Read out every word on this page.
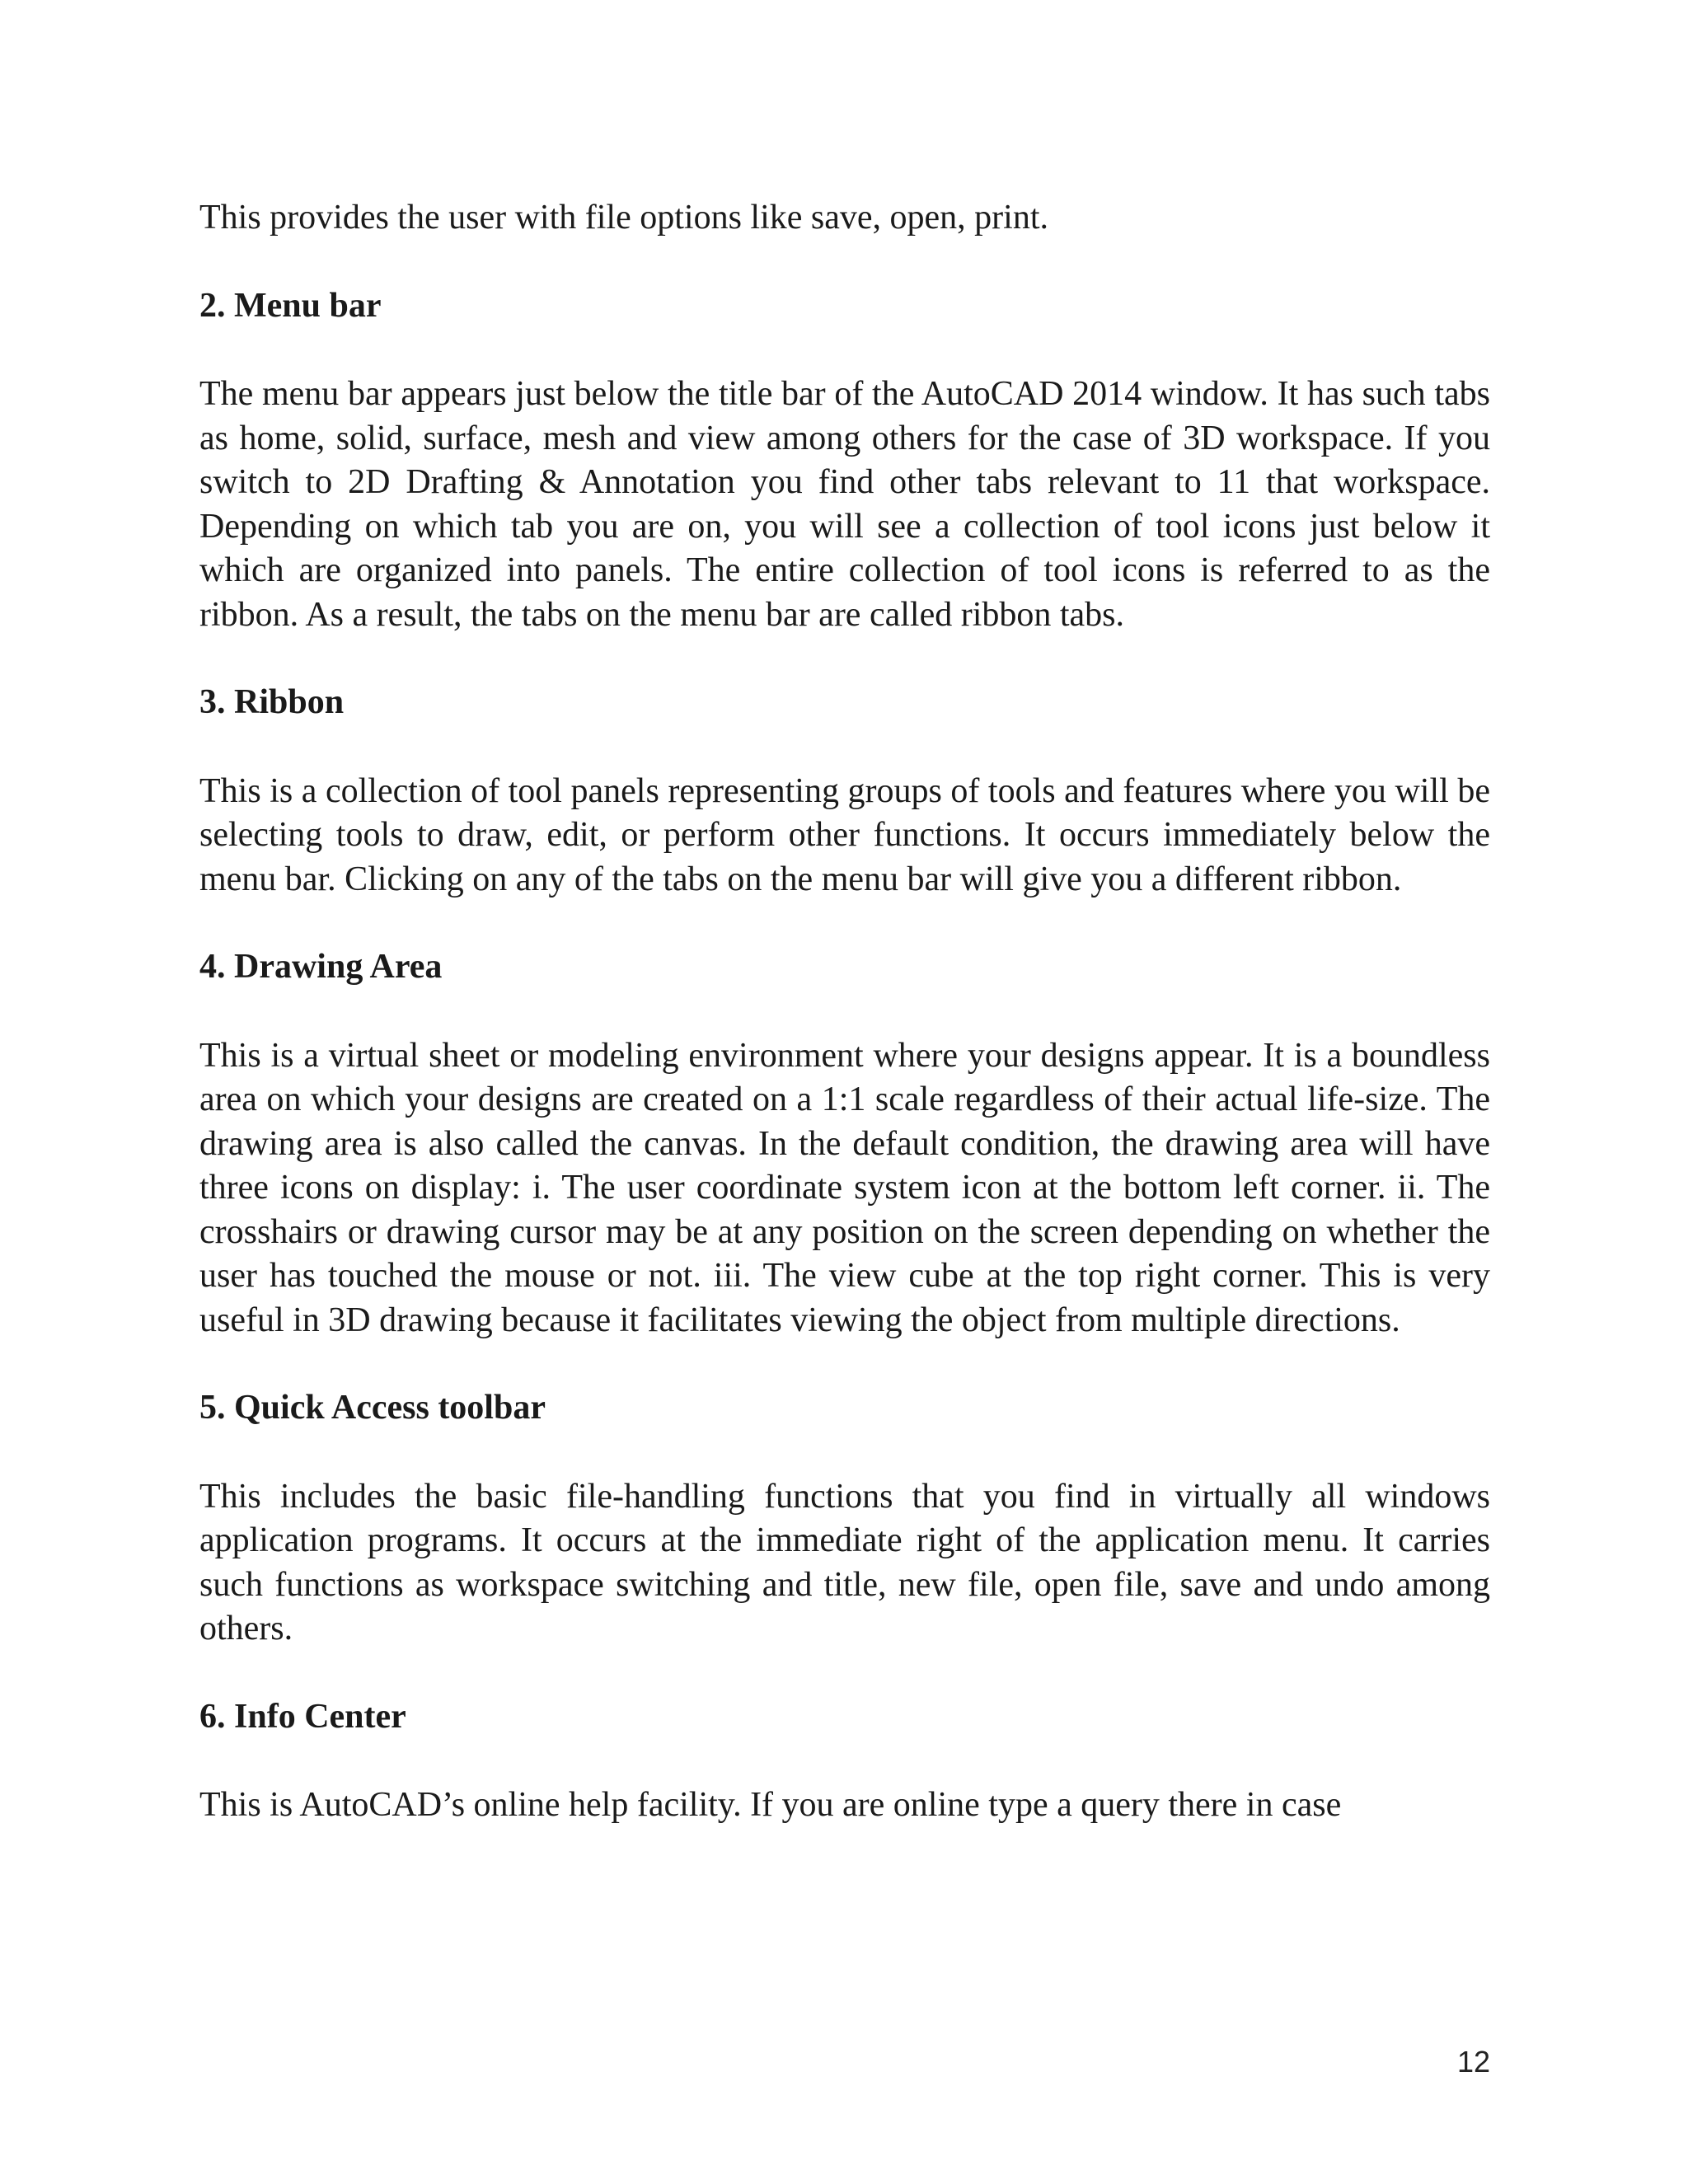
This provides the user with file options like save, open, print.

2. Menu bar

The menu bar appears just below the title bar of the AutoCAD 2014 window. It has such tabs as home, solid, surface, mesh and view among others for the case of 3D workspace. If you switch to 2D Drafting & Annotation you find other tabs relevant to 11 that workspace. Depending on which tab you are on, you will see a collection of tool icons just below it which are organized into panels. The entire collection of tool icons is referred to as the ribbon. As a result, the tabs on the menu bar are called ribbon tabs.

3. Ribbon

This is a collection of tool panels representing groups of tools and features where you will be selecting tools to draw, edit, or perform other functions. It occurs immediately below the menu bar. Clicking on any of the tabs on the menu bar will give you a different ribbon.

4. Drawing Area

This is a virtual sheet or modeling environment where your designs appear. It is a boundless area on which your designs are created on a 1:1 scale regardless of their actual life-size. The drawing area is also called the canvas. In the default condition, the drawing area will have three icons on display: i. The user coordinate system icon at the bottom left corner. ii. The crosshairs or drawing cursor may be at any position on the screen depending on whether the user has touched the mouse or not. iii. The view cube at the top right corner. This is very useful in 3D drawing because it facilitates viewing the object from multiple directions.

5. Quick Access toolbar

This includes the basic file-handling functions that you find in virtually all windows application programs. It occurs at the immediate right of the application menu. It carries such functions as workspace switching and title, new file, open file, save and undo among others.

6. Info Center

This is AutoCAD’s online help facility. If you are online type a query there in case

12
